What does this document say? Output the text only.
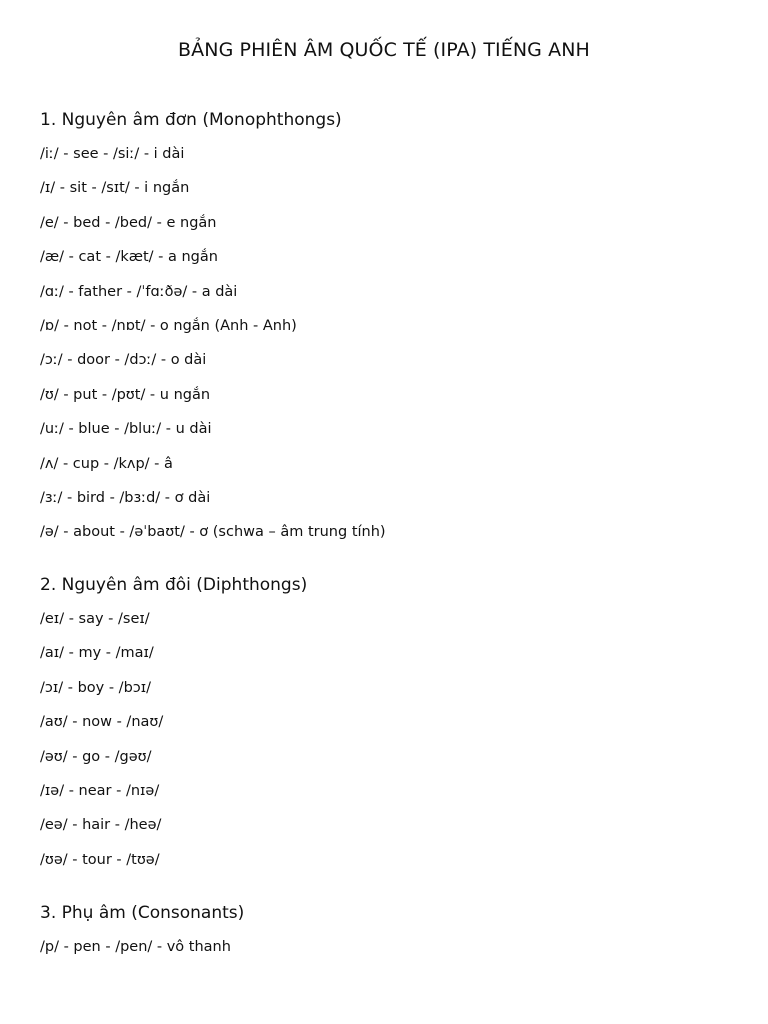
BẢNG PHIÊN ÂM QUỐC TẾ (IPA) TIẾNG ANH
1. Nguyên âm đơn (Monophthongs)
/iː/ - see - /siː/ - i dài
/ɪ/ - sit - /sɪt/ - i ngắn
/e/ - bed - /bed/ - e ngắn
/æ/ - cat - /kæt/ - a ngắn
/ɑː/ - father - /ˈfɑːðə/ - a dài
/ɒ/ - not - /nɒt/ - o ngắn (Anh - Anh)
/ɔː/ - door - /dɔː/ - o dài
/ʊ/ - put - /pʊt/ - u ngắn
/uː/ - blue - /bluː/ - u dài
/ʌ/ - cup - /kʌp/ - â
/ɜː/ - bird - /bɜːd/ - ơ dài
/ə/ - about - /əˈbaʊt/ - ơ (schwa – âm trung tính)
2. Nguyên âm đôi (Diphthongs)
/eɪ/ - say - /seɪ/
/aɪ/ - my - /maɪ/
/ɔɪ/ - boy - /bɔɪ/
/aʊ/ - now - /naʊ/
/əʊ/ - go - /gəʊ/
/ɪə/ - near - /nɪə/
/eə/ - hair - /heə/
/ʊə/ - tour - /tʊə/
3. Phụ âm (Consonants)
/p/ - pen - /pen/ - vô thanh
